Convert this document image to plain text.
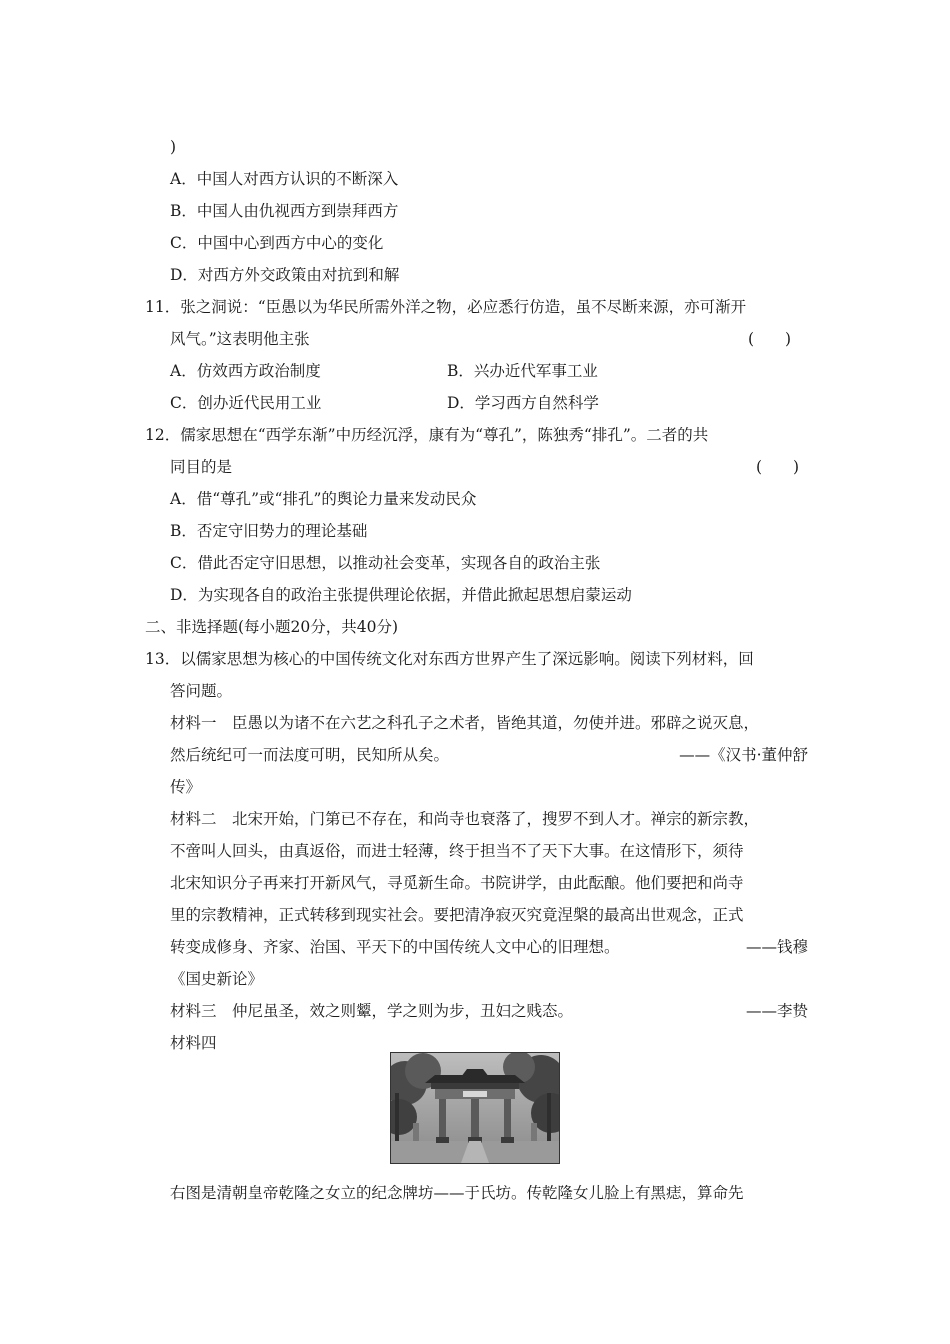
)
A．中国人对西方认识的不断深入
B．中国人由仇视西方到崇拜西方
C．中国中心到西方中心的变化
D．对西方外交政策由对抗到和解
11．张之洞说：“臣愚以为华民所需外洋之物，必应悉行仿造，虽不尽断来源，亦可渐开
风气。”这表明他主张	(　　)
A．仿效西方政治制度	B．兴办近代军事工业
C．创办近代民用工业	D．学习西方自然科学
12．儒家思想在“西学东渐”中历经沉浮，康有为“尊孔”，陈独秀“排孔”。二者的共
同目的是	(　　)
A．借“尊孔”或“排孔”的舆论力量来发动民众
B．否定守旧势力的理论基础
C．借此否定守旧思想，以推动社会变革，实现各自的政治主张
D．为实现各自的政治主张提供理论依据，并借此掀起思想启蒙运动
二、非选择题(每小题20分，共40分)
13．以儒家思想为核心的中国传统文化对东西方世界产生了深远影响。阅读下列材料，回
答问题。
材料一　臣愚以为诸不在六艺之科孔子之术者，皆绝其道，勿使并进。邪辟之说灭息，
然后统纪可一而法度可明，民知所从矣。	——《汉书·董仲舒
传》
材料二　北宋开始，门第已不存在，和尚寺也衰落了，搜罗不到人才。禅宗的新宗教，
不啻叫人回头，由真返俗，而进士轻薄，终于担当不了天下大事。在这情形下，须待
北宋知识分子再来打开新风气，寻觅新生命。书院讲学，由此酝酿。他们要把和尚寺
里的宗教精神，正式转移到现实社会。要把清净寂灭究竟涅槃的最高出世观念，正式
转变成修身、齐家、治国、平天下的中国传统人文中心的旧理想。	——钱穆
《国史新论》
材料三　仲尼虽圣，效之则颦，学之则为步，丑妇之贱态。	——李贽
材料四
右图是清朝皇帝乾隆之女立的纪念牌坊——于氏坊。传乾隆女儿脸上有黑痣，算命先
